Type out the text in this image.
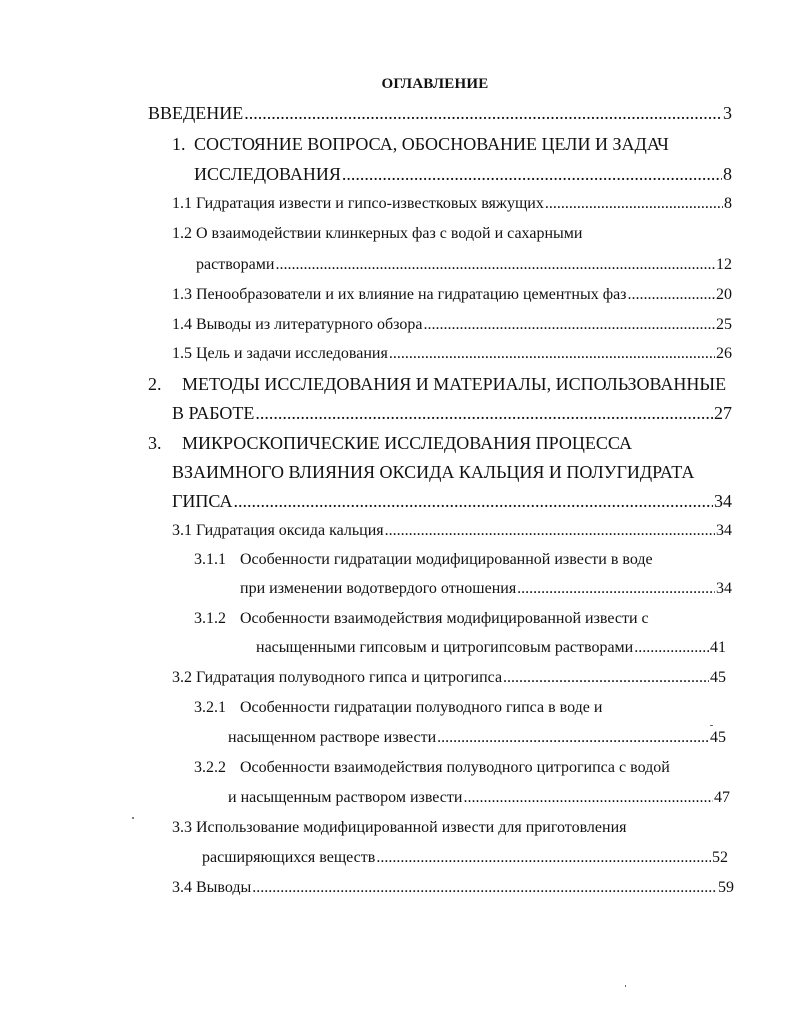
ОГЛАВЛЕНИЕ
ВВЕДЕНИЕ .....	3
1. СОСТОЯНИЕ ВОПРОСА, ОБОСНОВАНИЕ ЦЕЛИ И ЗАДАЧ
ИССЛЕДОВАНИЯ .....	8
1.1 Гидратация извести и гипсо-известковых вяжущих .....	8
1.2 О взаимодействии клинкерных фаз с водой и сахарными
растворами .....	12
1.3 Пенообразователи и их влияние на гидратацию цементных фаз .....	20
1.4 Выводы из литературного обзора .....	25
1.5 Цель и задачи исследования .....	26
2.	МЕТОДЫ ИССЛЕДОВАНИЯ И МАТЕРИАЛЫ, ИСПОЛЬЗОВАННЫЕ
В РАБОТЕ .....	27
3.	МИКРОСКОПИЧЕСКИЕ ИССЛЕДОВАНИЯ ПРОЦЕССА
ВЗАИМНОГО ВЛИЯНИЯ ОКСИДА КАЛЬЦИЯ И ПОЛУГИДРАТА
ГИПСА .....	34
3.1 Гидратация оксида кальция .....	34
3.1.1 Особенности гидратации модифицированной извести в воде
при изменении водотвердого отношения .....	34
3.1.2 Особенности взаимодействия модифицированной извести с
насыщенными гипсовым и цитрогипсовым растворами .....	41
3.2 Гидратация полуводного гипса и цитрогипса .....	45
3.2.1 Особенности гидратации полуводного гипса в воде и
насыщенном растворе извести .....	45
3.2.2 Особенности взаимодействия полуводного цитрогипса с водой
и насыщенным раствором извести .....	47
3.3 Использование модифицированной извести для приготовления
расширяющихся веществ .....	52
3.4 Выводы .....	59
